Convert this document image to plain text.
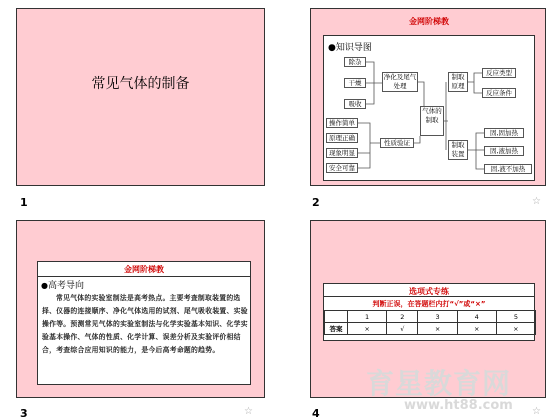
常见气体的制备
1
金网阶梯教
●知识导图
除杂
干燥
吸收
操作简单
原理正确
现象明显
安全可靠
净化及尾气处理
气体的制取
性质验证
制取原理
制取装置
反应类型
反应条件
固,固加热
固,液加热
固,液不加热
2	☆
金网阶梯教
●高考导向
常见气体的实验室制法是高考热点。主要考查制取装置的选择、仪器的连接顺序、净化气体选用的试剂、尾气吸收装置、实验操作等。预测常见气体的实验室制法与化学实验基本知识、化学实验基本操作、气体的性质、化学计算、误差分析及实验评价相结合，考查综合应用知识的能力，是今后高考命题的趋势。
3	☆
选项式专练
判断正误，在答题栏内打“√”或“×”
	1	2	3	4	5
答案	×	√	×	×	×
4	☆
育星教育网
www.ht88.com
